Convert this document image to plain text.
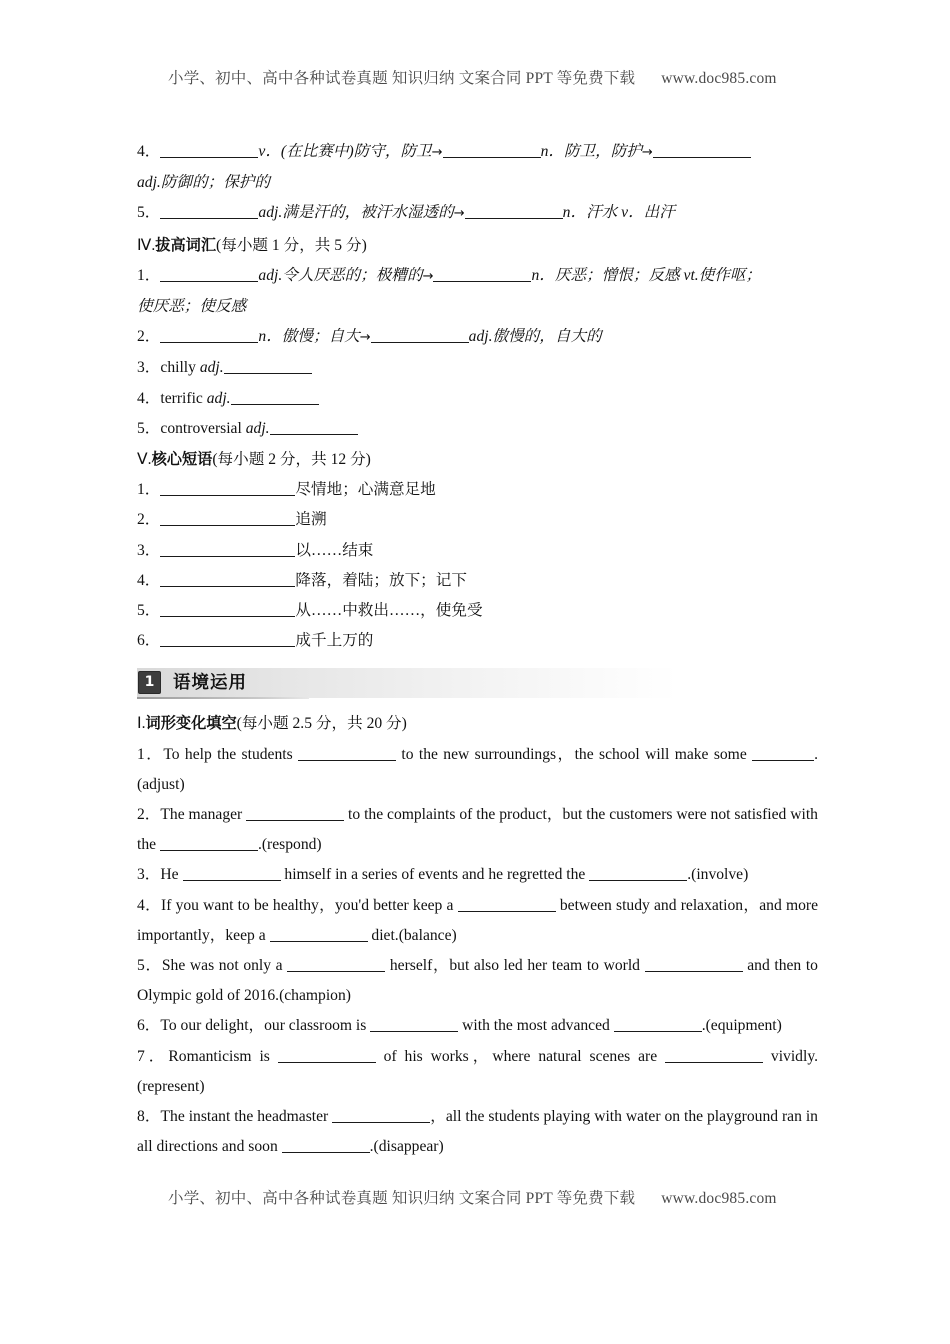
小学、初中、高中各种试卷真题 知识归纳 文案合同 PPT 等免费下载 www.doc985.com

4．	v．(在比赛中)防守，防卫→	n．防卫，防护→

adj.防御的；保护的

5．	adj.满是汗的，被汗水湿透的→	n．汗水 v．出汗

Ⅳ.拔高词汇(每小题 1 分，共 5 分)

1．	adj.令人厌恶的；极糟的→	n．厌恶；憎恨；反感 vt.使作呕；

使厌恶；使反感

2．	n．傲慢；自大→	adj.傲慢的，自大的

3．chilly adj.

4．terrific adj.

5．controversial adj.

Ⅴ.核心短语(每小题 2 分，共 12 分)

1．	尽情地；心满意足地

2．	追溯

3．	以……结束

4．	降落，着陆；放下；记下

5．	从……中救出……，使免受

6．	成千上万的

1	语境运用

Ⅰ.词形变化填空(每小题 2.5 分，共 20 分)

1．To help the students	to the new surroundings，the school will make some	.(adjust)

2．The manager	to the complaints of the product，but the customers were not satisfied with the	.(respond)

3．He	himself in a series of events and he regretted the	.(involve)

4．If you want to be healthy，you'd better keep a	between study and relaxation，and more importantly，keep a	diet.(balance)

5．She was not only a	herself，but also led her team to world	and then to Olympic gold of 2016.(champion)

6．To our delight，our classroom is	with the most advanced	.(equipment)

7．Romanticism is	of his works，where natural scenes are	vividly.(represent)

8．The instant the headmaster	，all the students playing with water on the playground ran in all directions and soon	.(disappear)

小学、初中、高中各种试卷真题 知识归纳 文案合同 PPT 等免费下载 www.doc985.com
